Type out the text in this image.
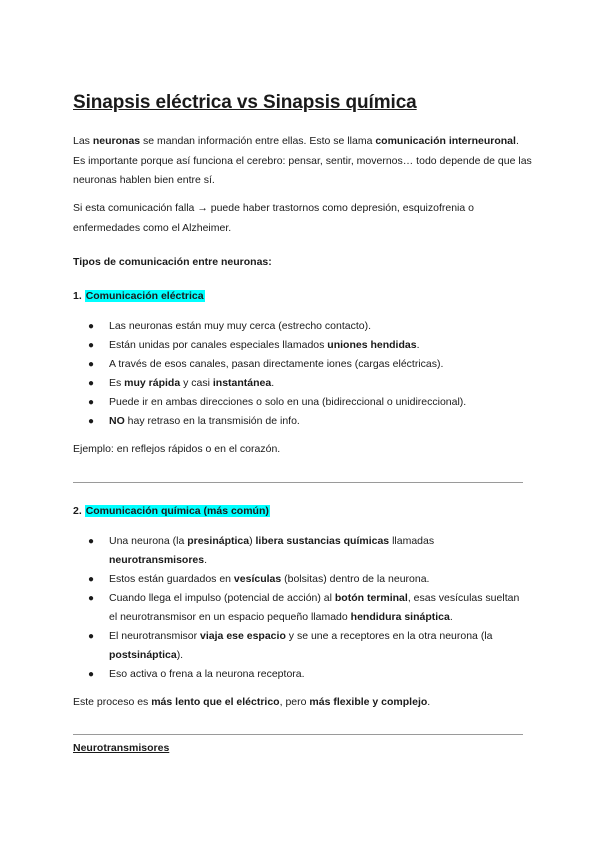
Sinapsis eléctrica vs Sinapsis química

Las neuronas se mandan información entre ellas. Esto se llama comunicación interneuronal. Es importante porque así funciona el cerebro: pensar, sentir, movernos… todo depende de que las neuronas hablen bien entre sí.

Si esta comunicación falla → puede haber trastornos como depresión, esquizofrenia o enfermedades como el Alzheimer.

Tipos de comunicación entre neuronas:

1. Comunicación eléctrica

● Las neuronas están muy muy cerca (estrecho contacto).
● Están unidas por canales especiales llamados uniones hendidas.
● A través de esos canales, pasan directamente iones (cargas eléctricas).
● Es muy rápida y casi instantánea.
● Puede ir en ambas direcciones o solo en una (bidireccional o unidireccional).
● NO hay retraso en la transmisión de info.

Ejemplo: en reflejos rápidos o en el corazón.

2. Comunicación química (más común)

● Una neurona (la presináptica) libera sustancias químicas llamadas neurotransmisores.
● Estos están guardados en vesículas (bolsitas) dentro de la neurona.
● Cuando llega el impulso (potencial de acción) al botón terminal, esas vesículas sueltan el neurotransmisor en un espacio pequeño llamado hendidura sináptica.
● El neurotransmisor viaja ese espacio y se une a receptores en la otra neurona (la postsináptica).
● Eso activa o frena a la neurona receptora.

Este proceso es más lento que el eléctrico, pero más flexible y complejo.

Neurotransmisores
